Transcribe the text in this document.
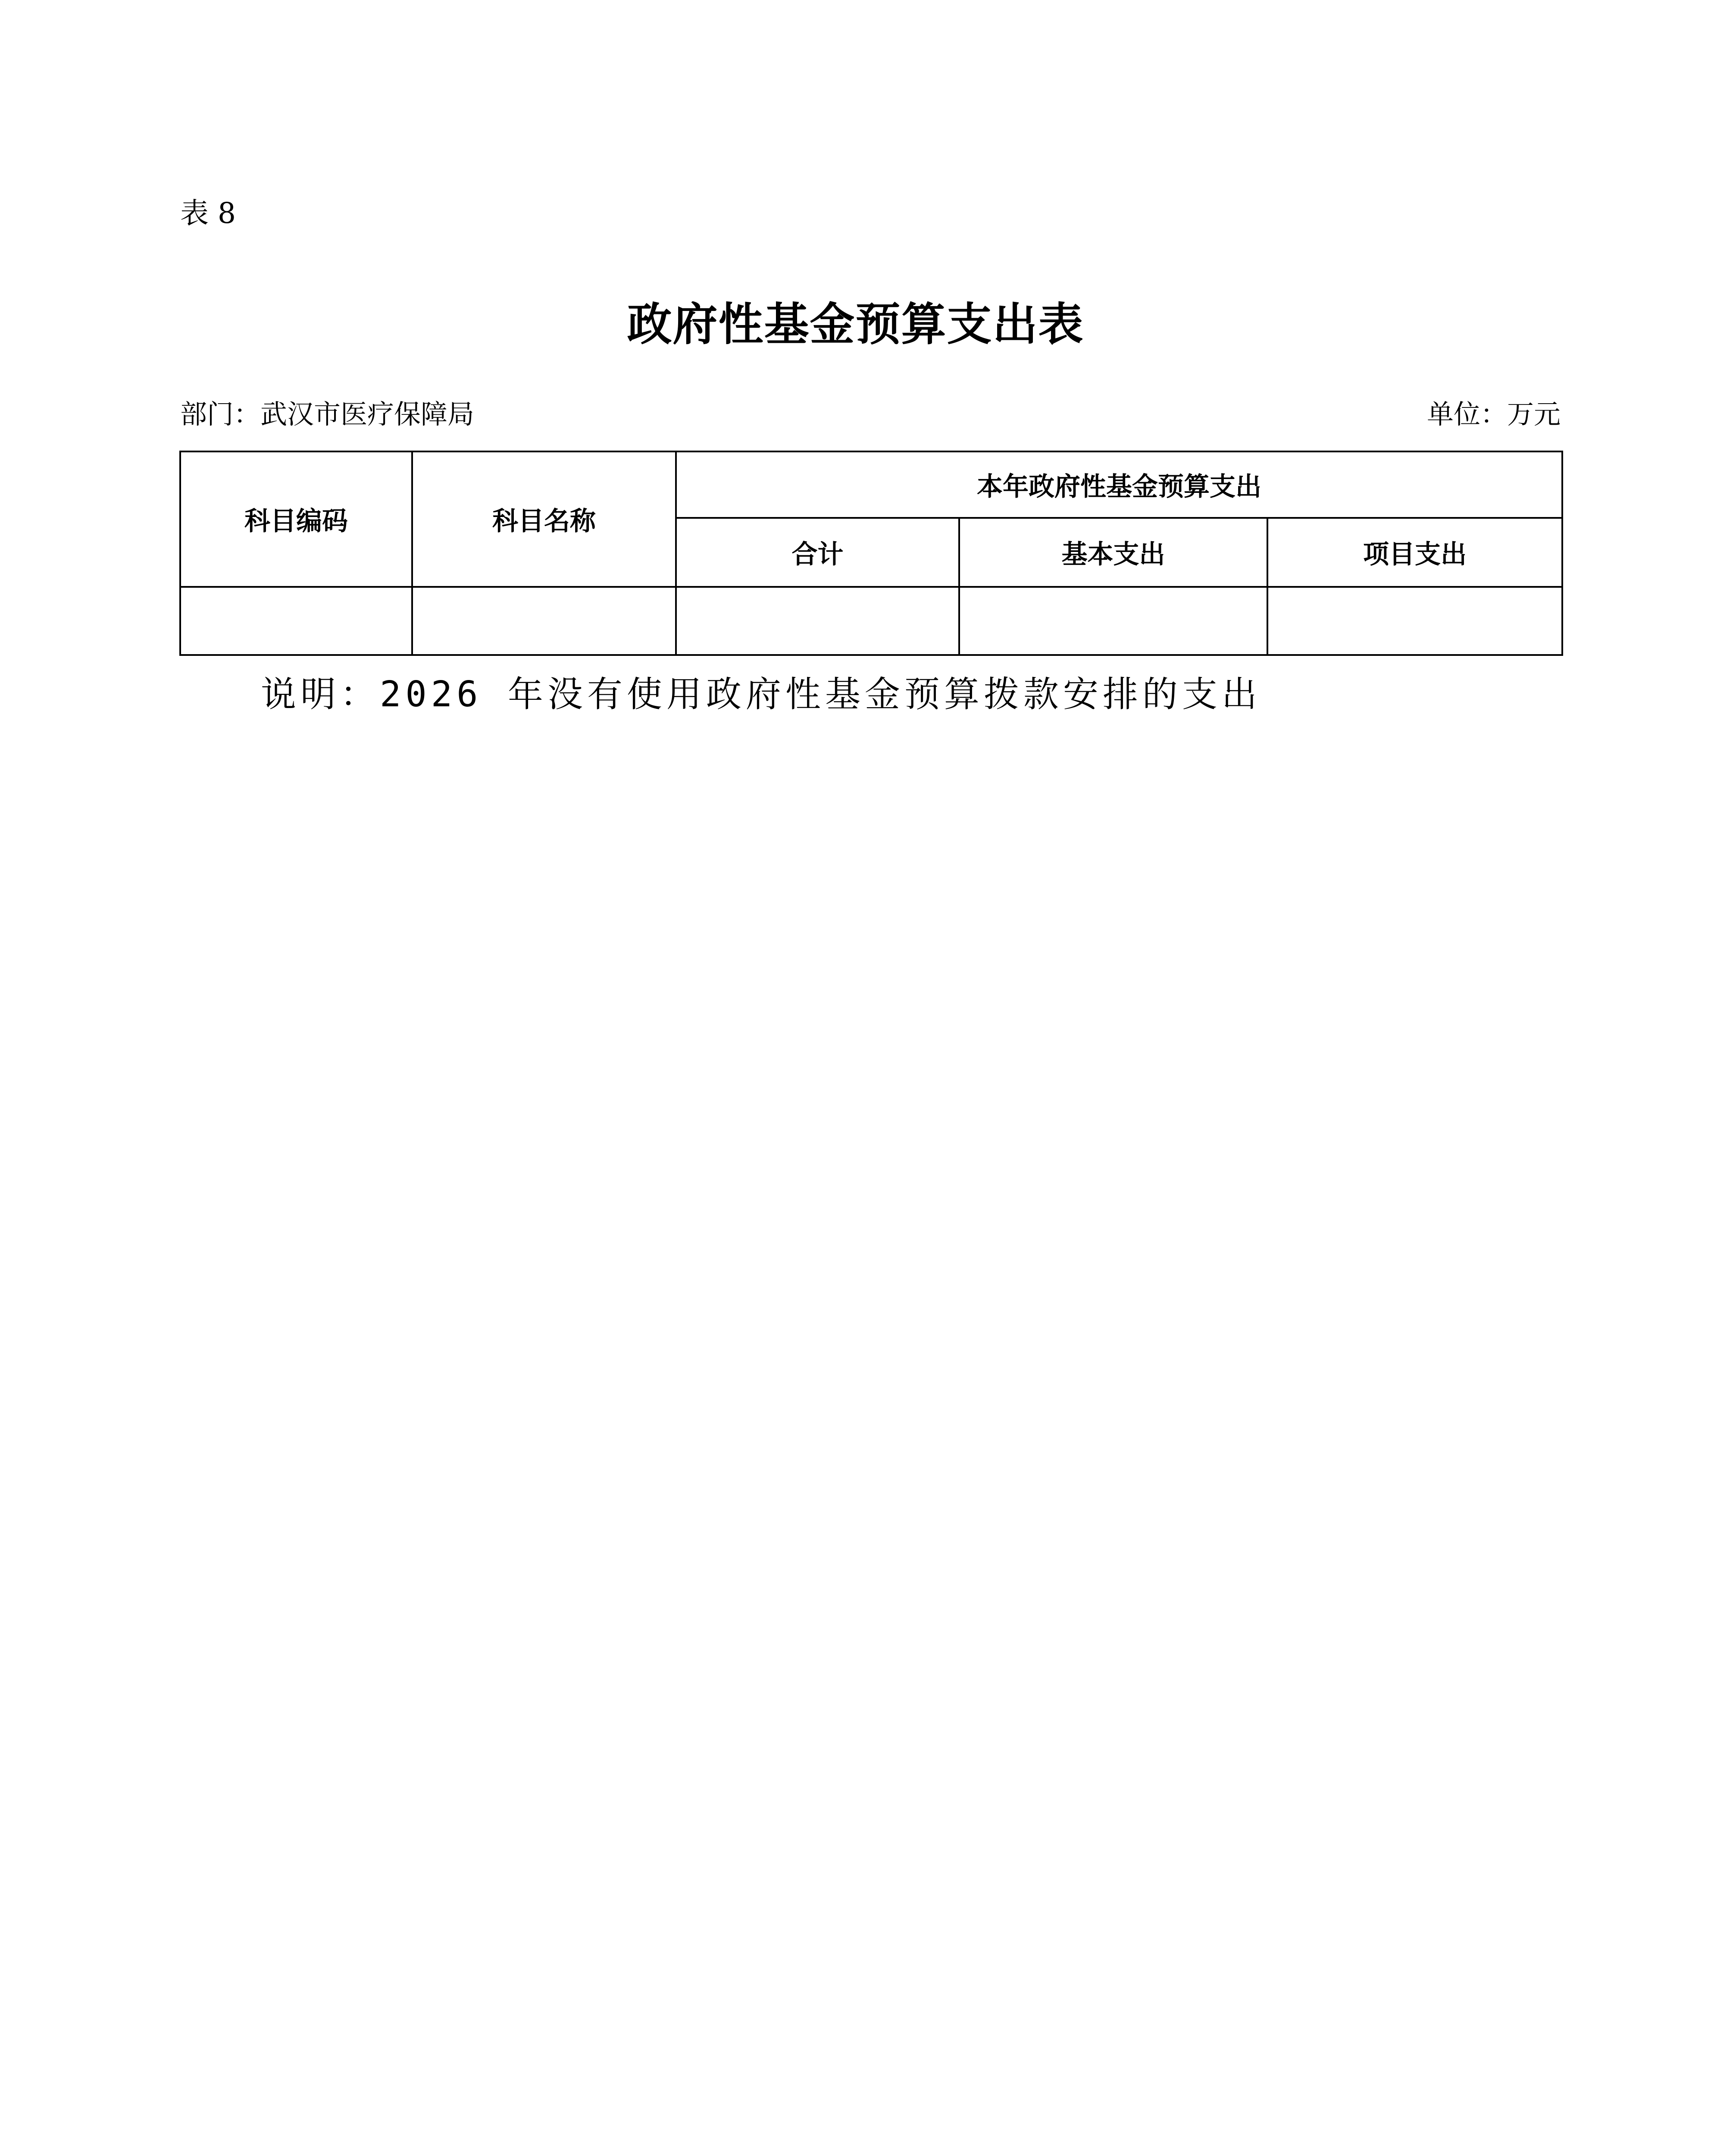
表 8
政府性基金预算支出表
部门：武汉市医疗保障局	单位：万元
科目编码	科目名称	本年政府性基金预算支出		
		合计	基本支出	项目支出

说明：2026 年没有使用政府性基金预算拨款安排的支出
